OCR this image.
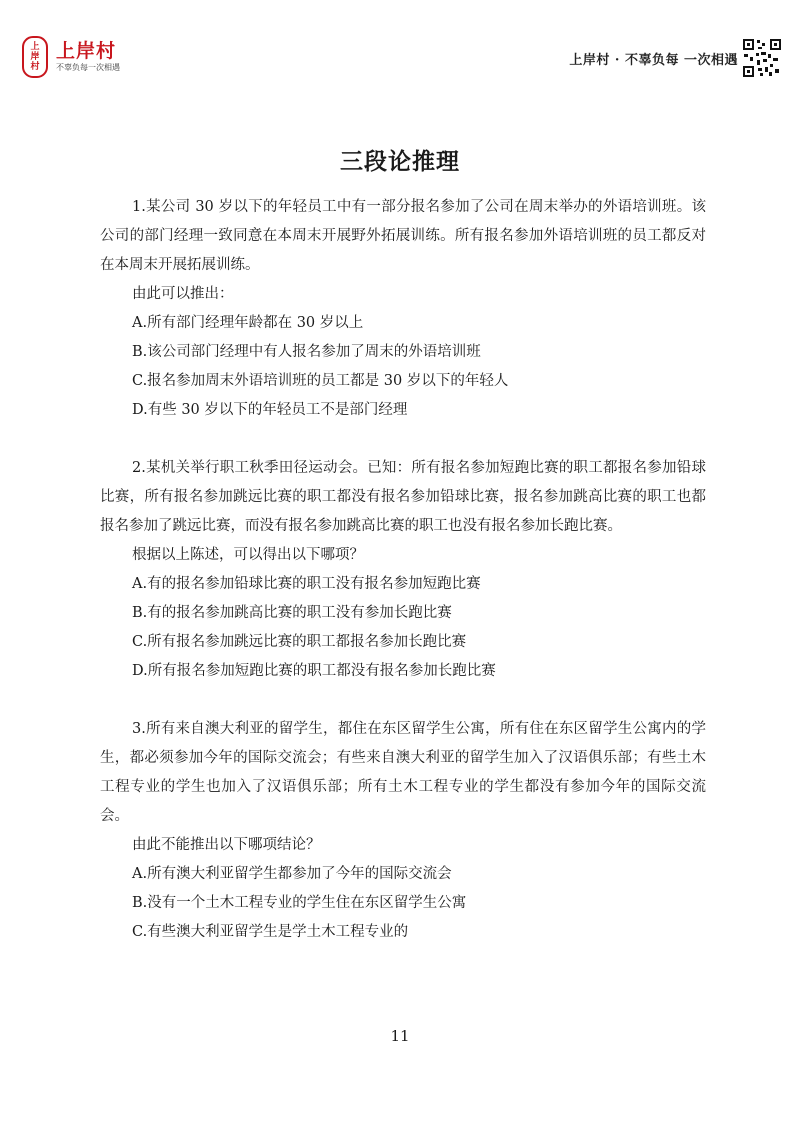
上
岸
村
上岸村
不辜负每一次相遇	上岸村 · 不辜负每 一次相遇
三段论推理

1.某公司 30 岁以下的年轻员工中有一部分报名参加了公司在周末举办的外语培训班。该公司的部门经理一致同意在本周末开展野外拓展训练。所有报名参加外语培训班的员工都反对在本周末开展拓展训练。

由此可以推出：

A.所有部门经理年龄都在 30 岁以上

B.该公司部门经理中有人报名参加了周末的外语培训班

C.报名参加周末外语培训班的员工都是 30 岁以下的年轻人

D.有些 30 岁以下的年轻员工不是部门经理

2.某机关举行职工秋季田径运动会。已知：所有报名参加短跑比赛的职工都报名参加铅球比赛，所有报名参加跳远比赛的职工都没有报名参加铅球比赛，报名参加跳高比赛的职工也都报名参加了跳远比赛，而没有报名参加跳高比赛的职工也没有报名参加长跑比赛。

根据以上陈述，可以得出以下哪项？

A.有的报名参加铅球比赛的职工没有报名参加短跑比赛

B.有的报名参加跳高比赛的职工没有参加长跑比赛

C.所有报名参加跳远比赛的职工都报名参加长跑比赛

D.所有报名参加短跑比赛的职工都没有报名参加长跑比赛

3.所有来自澳大利亚的留学生，都住在东区留学生公寓，所有住在东区留学生公寓内的学生，都必须参加今年的国际交流会；有些来自澳大利亚的留学生加入了汉语俱乐部；有些土木工程专业的学生也加入了汉语俱乐部；所有土木工程专业的学生都没有参加今年的国际交流会。

由此不能推出以下哪项结论？

A.所有澳大利亚留学生都参加了今年的国际交流会

B.没有一个土木工程专业的学生住在东区留学生公寓

C.有些澳大利亚留学生是学土木工程专业的

11
